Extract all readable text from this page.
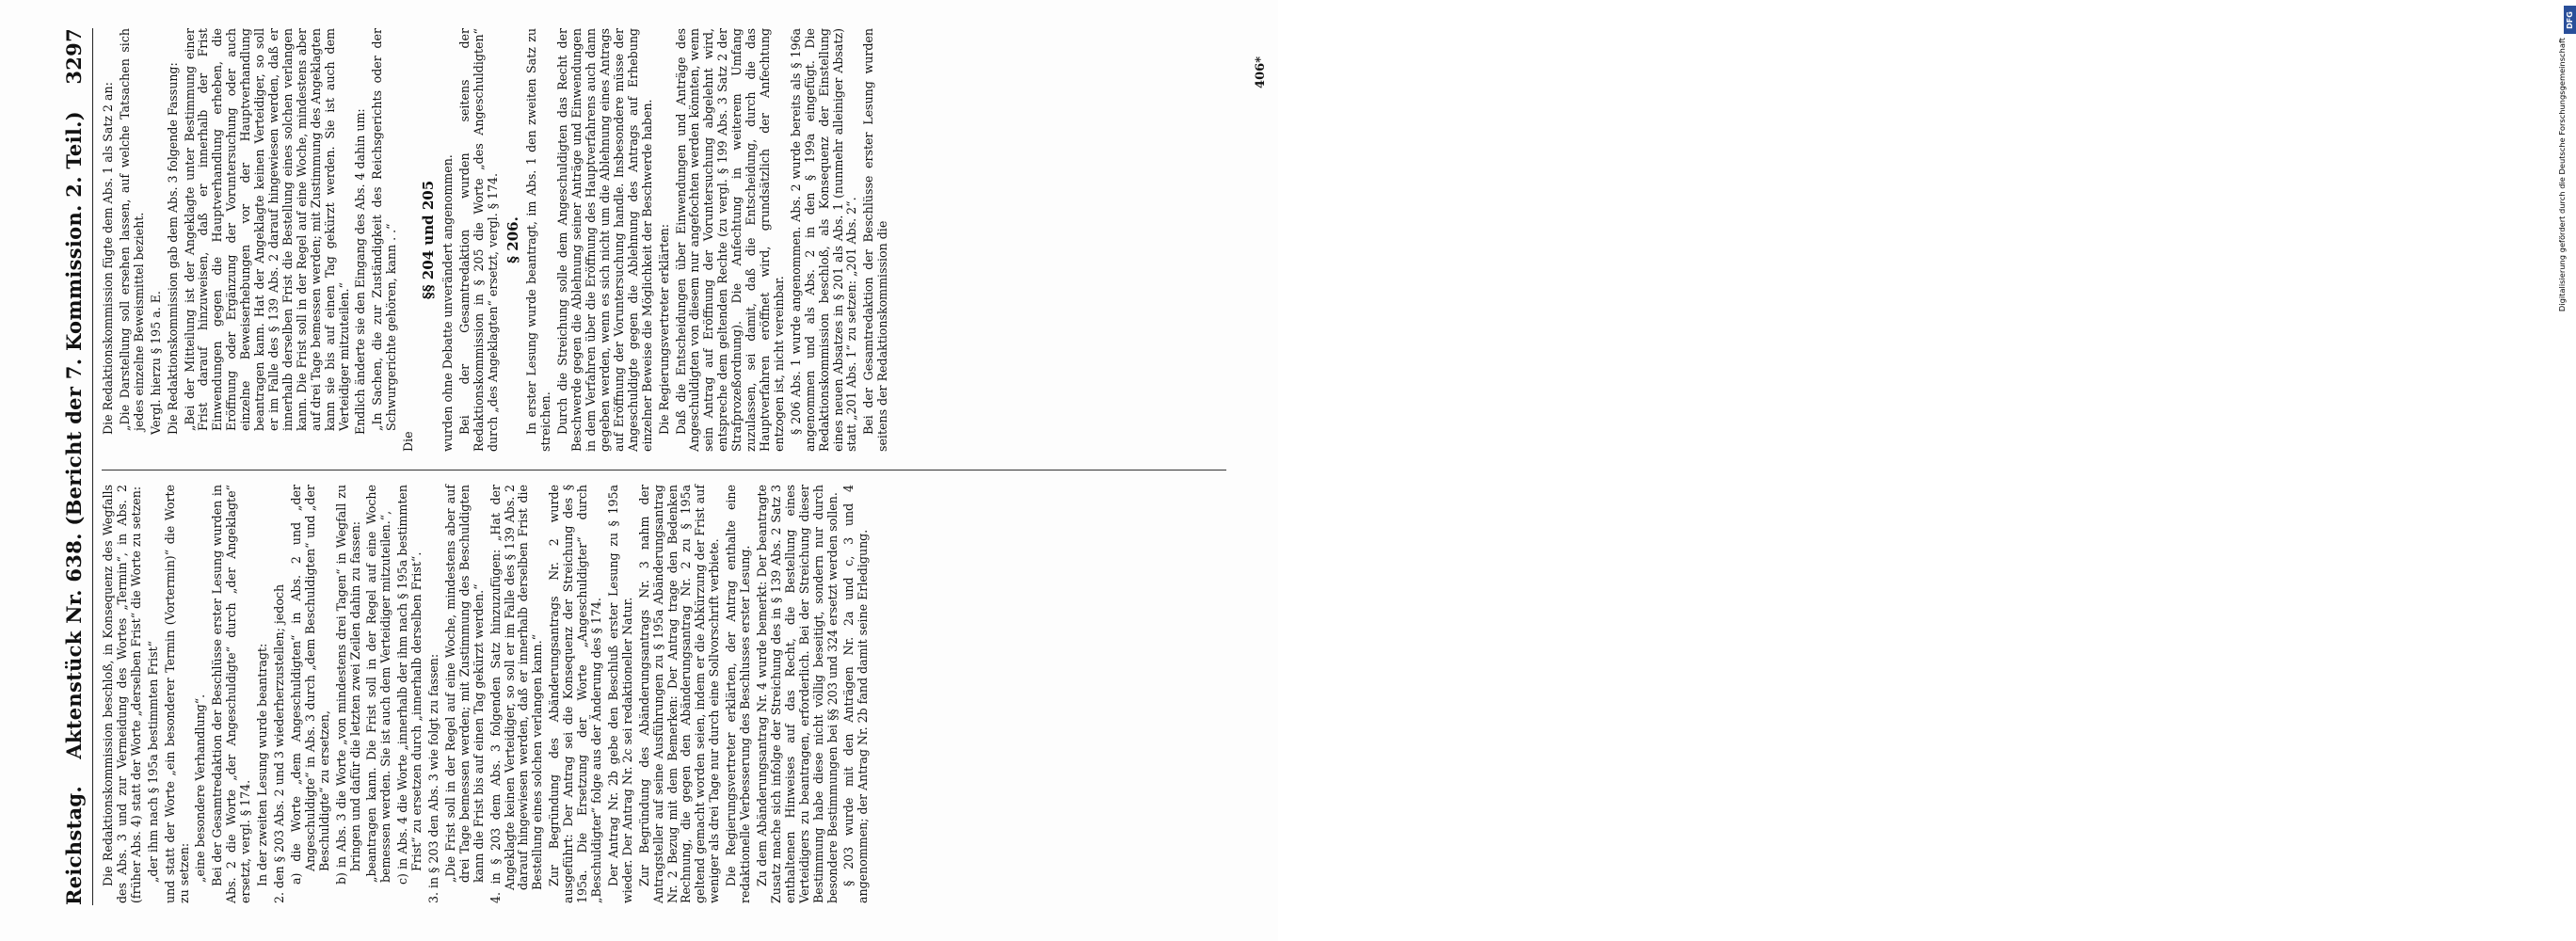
Reichstag.
Aktenstück Nr. 638. (Bericht der 7. Kommission. 2. Teil.)
3297

Die Redaktionskommission beschloß, in Konsequenz des Wegfalls des Abs. 3 und zur Vermeidung des Wortes „Termin“, in Abs. 2 (früher Abs. 4) statt der Worte „derselben Frist“ die Worte zu setzen: „der ihm nach § 195a bestimmten Frist“ und statt der Worte „ein besonderer Termin (Vortermin)“ die Worte zu setzen: „eine besondere Verhandlung“. Bei der Gesamtredaktion der Beschlüsse erster Lesung wurden in Abs. 2 die Worte „der Angeschuldigte“ durch „der Angeklagte“ ersetzt, vergl. § 174. In der zweiten Lesung wurde beantragt: 2. den § 203 Abs. 2 und 3 wiederherzustellen; jedoch a) die Worte „dem Angeschuldigten“ in Abs. 2 und „der Angeschuldigte“ in Abs. 3 durch „dem Beschuldigten“ und „der Beschuldigte“ zu ersetzen, b) in Abs. 3 die Worte „von mindestens drei Tagen“ in Wegfall zu bringen und dafür die letzten zwei Zeilen dahin zu fassen: „beantragen kann. Die Frist soll in der Regel auf eine Woche bemessen werden. Sie ist auch dem Verteidiger mitzuteilen.“, c) in Abs. 4 die Worte „innerhalb der ihm nach § 195a bestimmten Frist“ zu ersetzen durch „innerhalb derselben Frist“. 3. in § 203 den Abs. 3 wie folgt zu fassen: „Die Frist soll in der Regel auf eine Woche, mindestens aber auf drei Tage bemessen werden; mit Zustimmung des Beschuldigten kann die Frist bis auf einen Tag gekürzt werden.“ 4. in § 203 dem Abs. 3 folgenden Satz hinzuzufügen: „Hat der Angeklagte keinen Verteidiger, so soll er im Falle des § 139 Abs. 2 darauf hingewiesen werden, daß er innerhalb derselben Frist die Bestellung eines solchen verlangen kann.“ Zur Begründung des Abänderungsantrags Nr. 2 wurde ausgeführt: Der Antrag sei die Konsequenz der Streichung des § 195a. Die Ersetzung der Worte „Angeschuldigter“ durch „Beschuldigter“ folge aus der Änderung des § 174. Der Antrag Nr. 2b gebe den Beschluß erster Lesung zu § 195a wieder. Der Antrag Nr. 2c sei redaktioneller Natur. Zur Begründung des Abänderungsantrags Nr. 3 nahm der Antragsteller auf seine Ausführungen zu § 195a Abänderungsantrag Nr. 2 Bezug mit dem Bemerken: Der Antrag trage den Bedenken Rechnung, die gegen den Abänderungsantrag Nr. 2 zu § 195a geltend gemacht worden seien, indem er die Abkürzung der Frist auf weniger als drei Tage nur durch eine Sollvorschrift verbiete. Die Regierungsvertreter erklärten, der Antrag enthalte eine redaktionelle Verbesserung des Beschlusses erster Lesung. Zu dem Abänderungsantrag Nr. 4 wurde bemerkt: Der beantragte Zusatz mache sich infolge der Streichung des in § 139 Abs. 2 Satz 3 enthaltenen Hinweises auf das Recht, die Bestellung eines Verteidigers zu beantragen, erforderlich. Bei der Streichung dieser Bestimmung habe diese nicht völlig beseitigt, sondern nur durch besondere Bestimmungen bei §§ 203 und 324 ersetzt werden sollen. § 203 wurde mit den Anträgen Nr. 2a und c, 3 und 4 angenommen; der Antrag Nr. 2b fand damit seine Erledigung.

Die Redaktionskommission fügte dem Abs. 1 als Satz 2 an: „Die Darstellung soll ersehen lassen, auf welche Tatsachen sich jedes einzelne Beweismittel bezieht. Vergl. hierzu § 195 a. E. Die Redaktionskommission gab dem Abs. 3 folgende Fassung: „Bei der Mitteilung ist der Angeklagte unter Bestimmung einer Frist darauf hinzuweisen, daß er innerhalb der Frist Einwendungen gegen die Hauptverhandlung erheben, die Eröffnung oder Ergänzung der Voruntersuchung oder auch einzelne Beweiserhebungen vor der Hauptverhandlung beantragen kann. Hat der Angeklagte keinen Verteidiger, so soll er im Falle des § 139 Abs. 2 darauf hingewiesen werden, daß er innerhalb derselben Frist die Bestellung eines solchen verlangen kann. Die Frist soll in der Regel auf eine Woche, mindestens aber auf drei Tage bemessen werden; mit Zustimmung des Angeklagten kann sie bis auf einen Tag gekürzt werden. Sie ist auch dem Verteidiger mitzuteilen.“ Endlich änderte sie den Eingang des Abs. 4 dahin um: „In Sachen, die zur Zuständigkeit des Reichsgerichts oder der Schwurgerichte gehören, kann . .“

Die

§§ 204 und 205 wurden ohne Debatte unverändert angenommen. Bei der Gesamtredaktion wurden seitens der Redaktionskommission in § 205 die Worte „des Angeschuldigten“ durch „des Angeklagten“ ersetzt, vergl. § 174. § 206. In erster Lesung wurde beantragt, im Abs. 1 den zweiten Satz zu streichen. Durch die Streichung solle dem Angeschuldigten das Recht der Beschwerde gegen die Ablehnung seiner Anträge und Einwendungen in dem Verfahren über die Eröffnung des Hauptverfahrens auch dann gegeben werden, wenn es sich nicht um die Ablehnung eines Antrags auf Eröffnung der Voruntersuchung handle. Insbesondere müsse der Angeschuldigte gegen die Ablehnung des Antrags auf Erhebung einzelner Beweise die Möglichkeit der Beschwerde haben. Die Regierungsvertreter erklärten: Daß die Entscheidungen über Einwendungen und Anträge des Angeschuldigten von diesem nur angefochten werden könnten, wenn sein Antrag auf Eröffnung der Voruntersuchung abgelehnt wird, entspreche dem geltenden Rechte (zu vergl. § 199 Abs. 3 Satz 2 der Strafprozeßordnung). Die Anfechtung in weiterem Umfang zuzulassen, sei damit, daß die Entscheidung, durch die das Hauptverfahren eröffnet wird, grundsätzlich der Anfechtung entzogen ist, nicht vereinbar. § 206 Abs. 1 wurde angenommen. Abs. 2 wurde bereits als § 196a angenommen und als Abs. 2 in den § 199a eingefügt. Die Redaktionskommission beschloß, als Konsequenz der Einstellung eines neuen Absatzes in § 201 als Abs. 1 (nunmehr alleiniger Absatz) statt „201 Abs. 1“ zu setzen: „201 Abs. 2“. Bei der Gesamtredaktion der Beschlüsse erster Lesung wurden seitens der Redaktionskommission die

406*
DFG
Digitalisierung gefördert durch die Deutsche Forschungsgemeinschaft
